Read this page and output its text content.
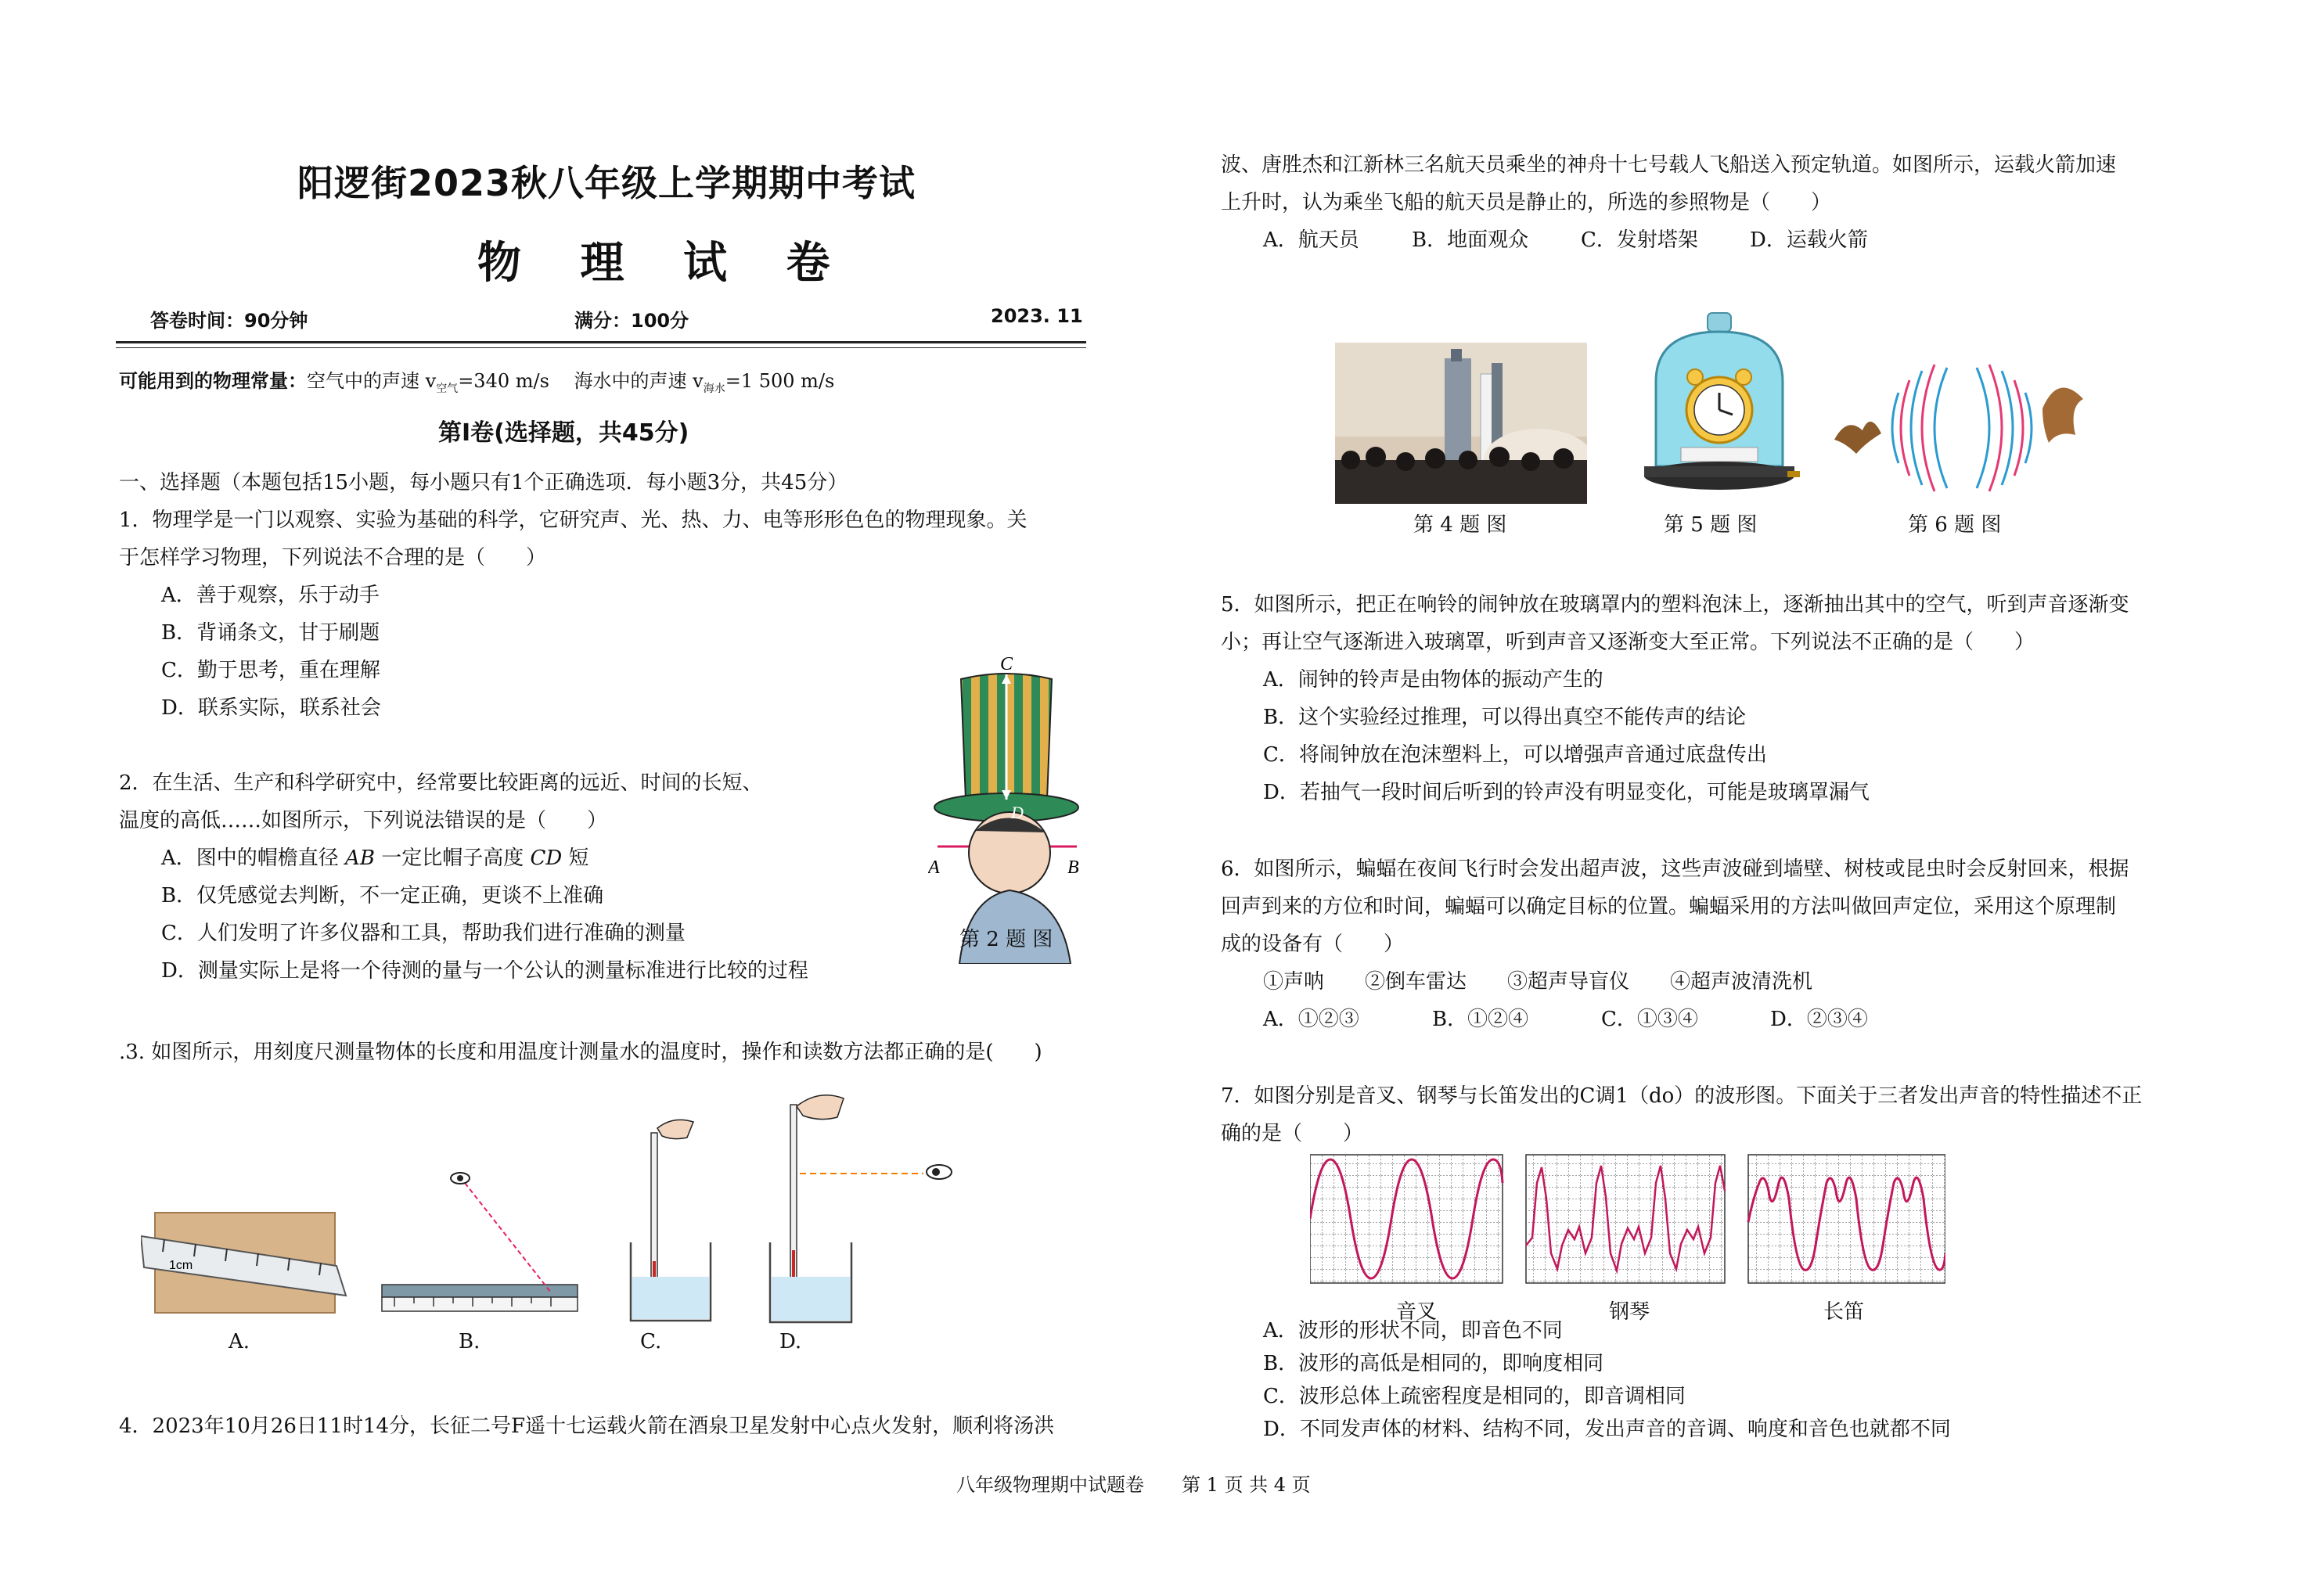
阳逻街2023秋八年级上学期期中考试
物 理 试 卷
答卷时间：90分钟	满分：100分	2023. 11
可能用到的物理常量：空气中的声速 $v_{空气}=340$ m/s 海水中的声速 $v_{海水}=1$ 500 m/s
第Ⅰ卷(选择题，共45分)
一、选择题（本题包括15小题，每小题只有1个正确选项．每小题3分，共45分）
1．物理学是一门以观察、实验为基础的科学，它研究声、光、热、力、电等形形色色的物理现象。关
于怎样学习物理，下列说法不合理的是（　　）
A．善于观察，乐于动手
B．背诵条文，甘于刷题
C．勤于思考，重在理解
D．联系实际，联系社会
2．在生活、生产和科学研究中，经常要比较距离的远近、时间的长短、
温度的高低……如图所示，下列说法错误的是（　　）
A．图中的帽檐直径 AB 一定比帽子高度 CD 短
B．仅凭感觉去判断，不一定正确，更谈不上准确
C．人们发明了许多仪器和工具，帮助我们进行准确的测量
D．测量实际上是将一个待测的量与一个公认的测量标准进行比较的过程
C
D
A	B
第 2 题 图
.3. 如图所示，用刻度尺测量物体的长度和用温度计测量水的温度时，操作和读数方法都正确的是(　　)
1cm
A.	B.	C.	D.
4．2023年10月26日11时14分，长征二号F遥十七运载火箭在酒泉卫星发射中心点火发射，顺利将汤洪
波、唐胜杰和江新林三名航天员乘坐的神舟十七号载人飞船送入预定轨道。如图所示，运载火箭加速
上升时，认为乘坐飞船的航天员是静止的，所选的参照物是（　　）
A．航天员	B．地面观众	C．发射塔架	D．运载火箭
第 4 题 图	第 5 题 图	第 6 题 图
5．如图所示，把正在响铃的闹钟放在玻璃罩内的塑料泡沫上，逐渐抽出其中的空气，听到声音逐渐变
小；再让空气逐渐进入玻璃罩，听到声音又逐渐变大至正常。下列说法不正确的是（　　）
A．闹钟的铃声是由物体的振动产生的
B．这个实验经过推理，可以得出真空不能传声的结论
C．将闹钟放在泡沫塑料上，可以增强声音通过底盘传出
D．若抽气一段时间后听到的铃声没有明显变化，可能是玻璃罩漏气
6．如图所示，蝙蝠在夜间飞行时会发出超声波，这些声波碰到墙壁、树枝或昆虫时会反射回来，根据
回声到来的方位和时间，蝙蝠可以确定目标的位置。蝙蝠采用的方法叫做回声定位，采用这个原理制
成的设备有（　　）
①声呐　　②倒车雷达　　③超声导盲仪　　④超声波清洗机
A．①②③	B．①②④	C．①③④	D．②③④
7．如图分别是音叉、钢琴与长笛发出的C调1（do）的波形图。下面关于三者发出声音的特性描述不正
确的是（　　）
音叉	钢琴	长笛
A．波形的形状不同，即音色不同
B．波形的高低是相同的，即响度相同
C．波形总体上疏密程度是相同的，即音调相同
D．不同发声体的材料、结构不同，发出声音的音调、响度和音色也就都不同
八年级物理期中试题卷　　第 1 页 共 4 页
